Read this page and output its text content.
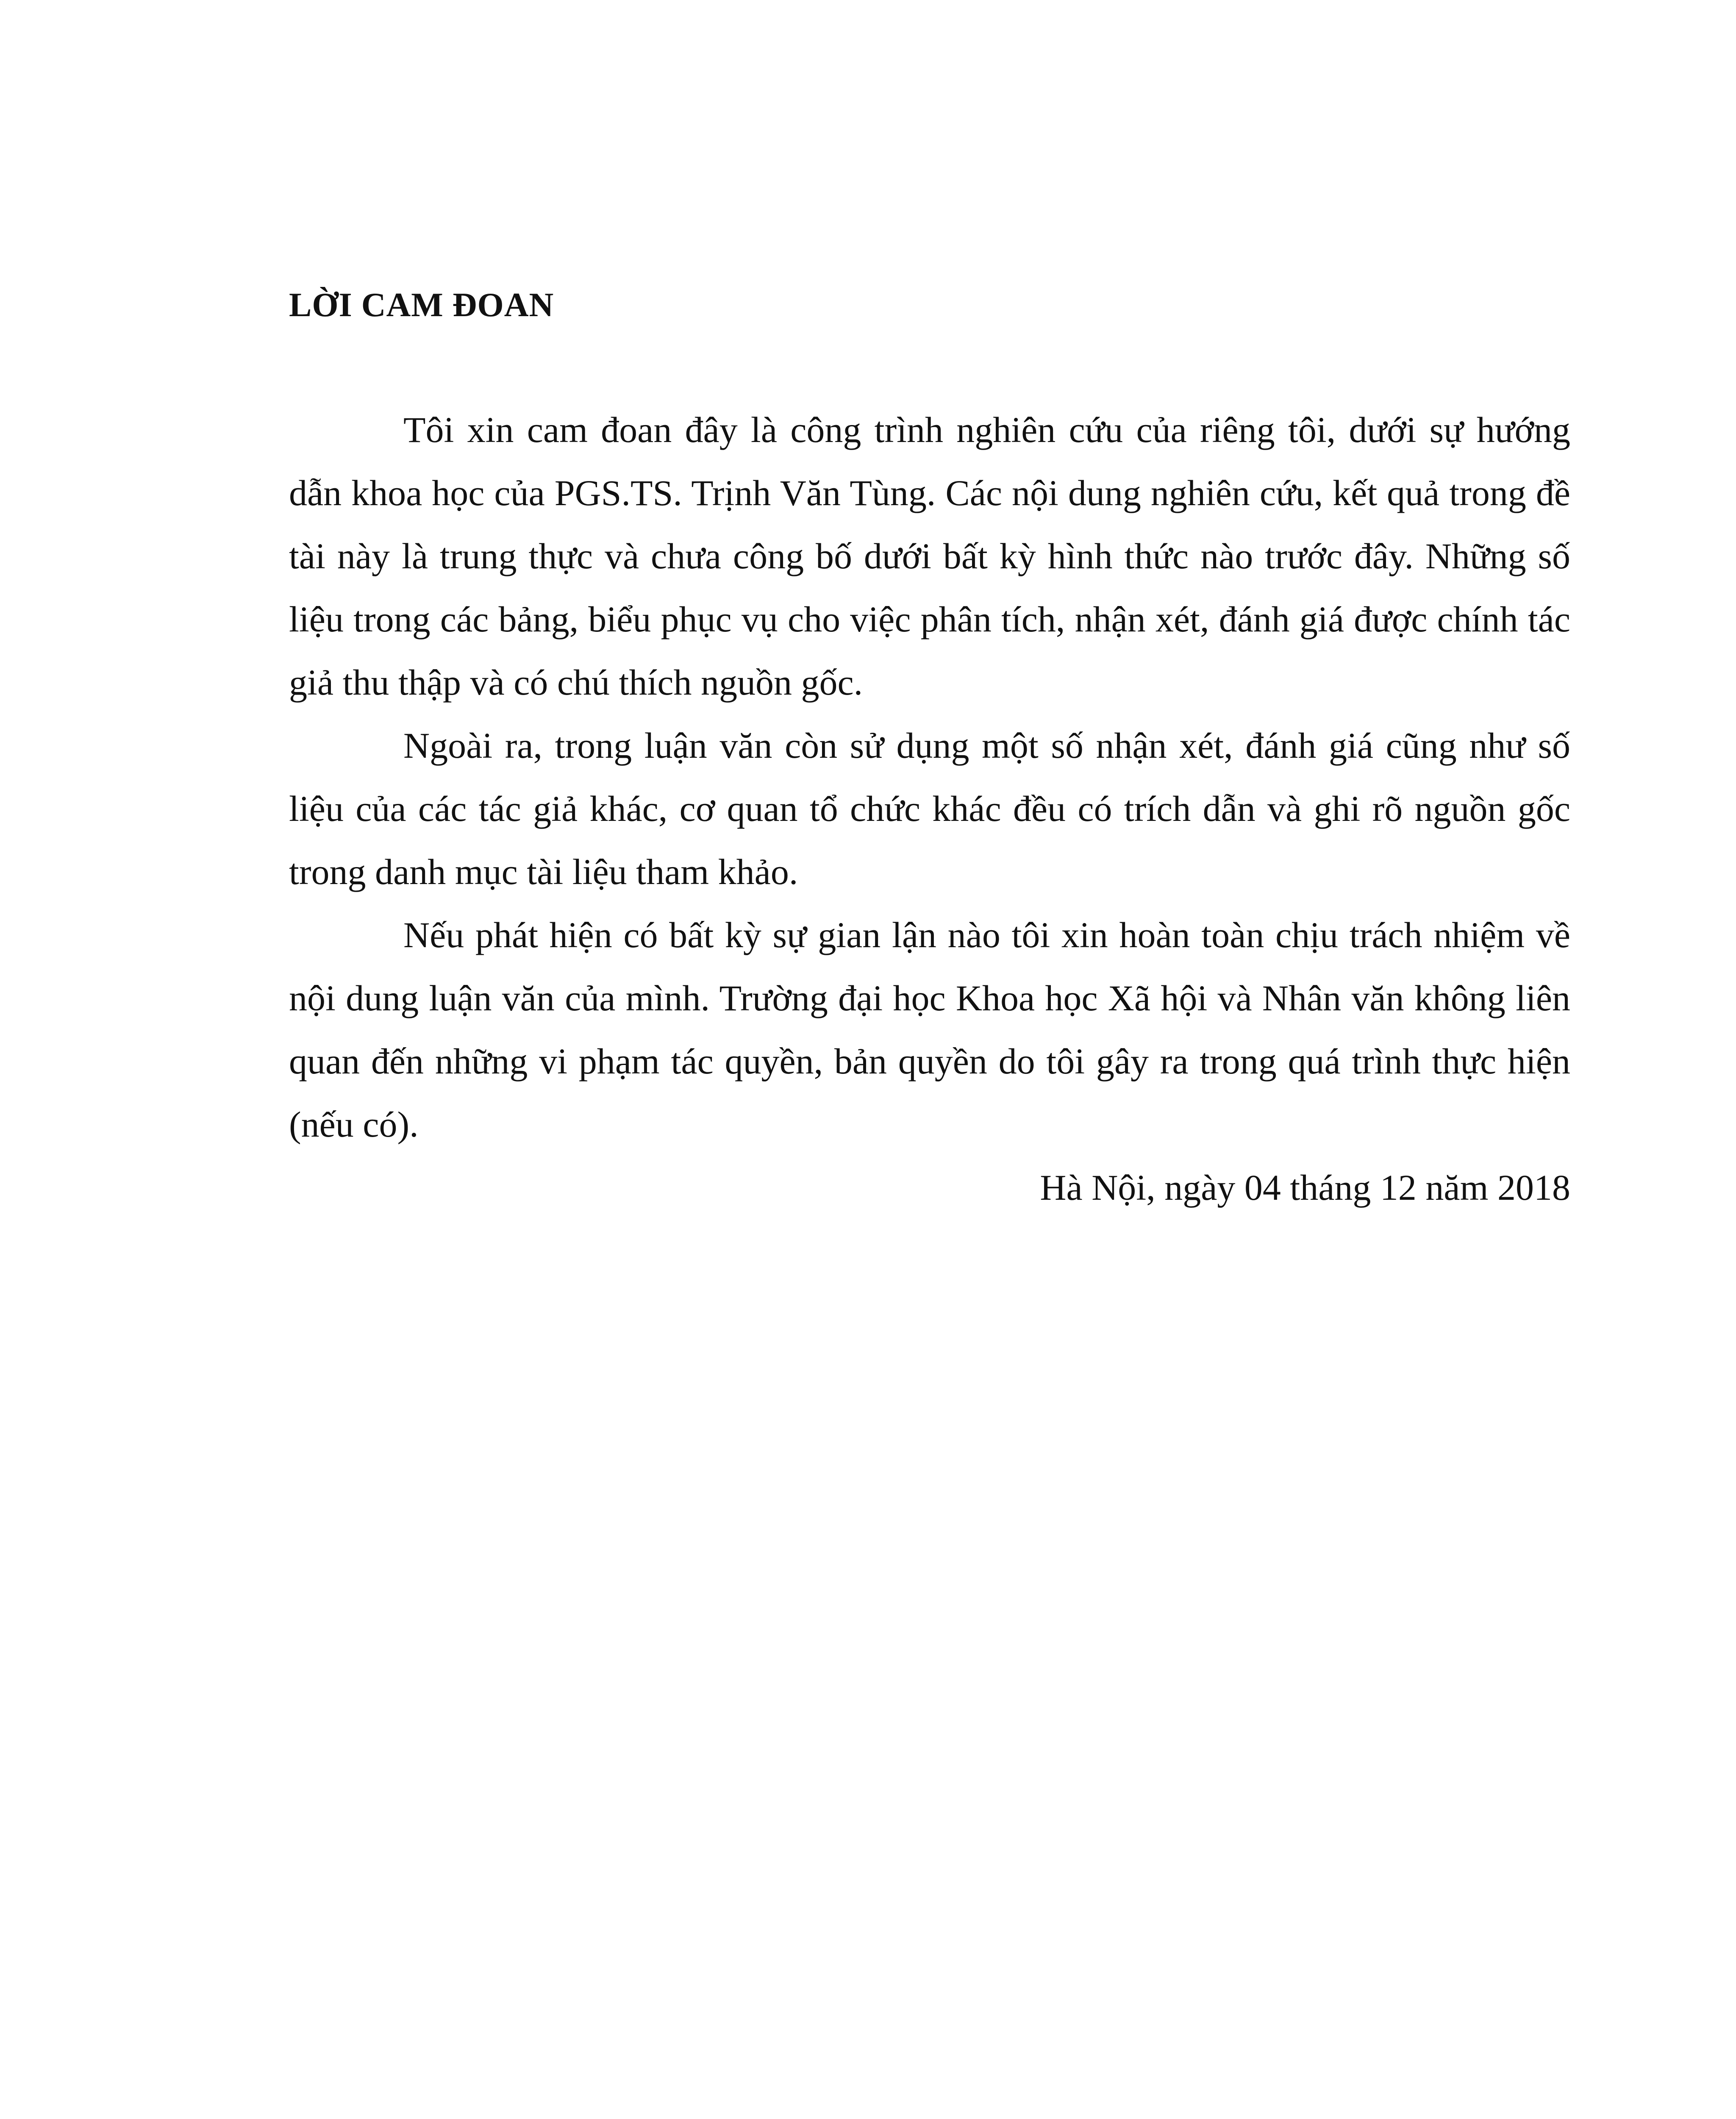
LỜI CAM ĐOAN

Tôi xin cam đoan đây là công trình nghiên cứu của riêng tôi, dưới sự hướng dẫn khoa học của PGS.TS. Trịnh Văn Tùng. Các nội dung nghiên cứu, kết quả trong đề tài này là trung thực và chưa công bố dưới bất kỳ hình thức nào trước đây. Những số liệu trong các bảng, biểu phục vụ cho việc phân tích, nhận xét, đánh giá được chính tác giả thu thập và có chú thích nguồn gốc.

Ngoài ra, trong luận văn còn sử dụng một số nhận xét, đánh giá cũng như số liệu của các tác giả khác, cơ quan tổ chức khác đều có trích dẫn và ghi rõ nguồn gốc trong danh mục tài liệu tham khảo.

Nếu phát hiện có bất kỳ sự gian lận nào tôi xin hoàn toàn chịu trách nhiệm về nội dung luận văn của mình. Trường đại học Khoa học Xã hội và Nhân văn không liên quan đến những vi phạm tác quyền, bản quyền do tôi gây ra trong quá trình thực hiện (nếu có).

Hà Nội, ngày 04 tháng 12 năm 2018
